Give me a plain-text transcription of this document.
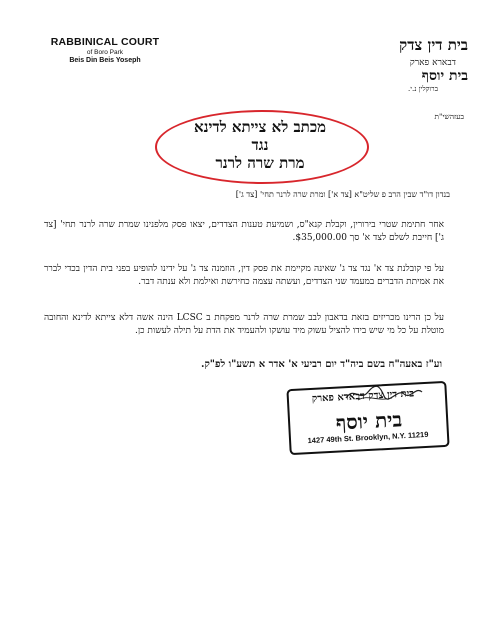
RABBINICAL COURT
of Boro Park
Beis Din Beis Yoseph
בית דין צדק
דבארא פארק
בית יוסף
ברוקלין נ.י.
בעזהשי"ת
מכתב לא צייתא לדינא
נגד
מרת שרה לרנר
בנדון דו"ד שבין הרב פ שליט"א [צד א'] ומרת שרה לרנר תחי' [צד ג']
אחר חתימת שטרי בירורין, וקבלת קנא"ס, ושמיעת טענות הצדדים, יצאו פסק מלפנינו שמרת שרה לרנר תחי' [צד ג'] חייבת לשלם לצד א' סך $35,000.00.
על פי קובלנת צד א' נגד צד ג' שאינה מקיימת את פסק דין, הוזמנה צד ג' על ידינו להופיע בפני בית הדין בכדי לברר את אמיתת הדברים במעמד שני הצדדים, ועשתה עצמה כחירשת ואילמת ולא ענתה דבר.
על כן הרינו מכריזים בזאת בדאבון לבב שמרת שרה לרנר מפקחת ב LCSC הינה אשה דלא צייתא לדינא והחובה מוטלת על כל מי שיש בידו להציל עשוק מיד עושקו ולהעמיד את הדת על תילה לעשות כן.
וע"ז באעה"ח בשם ביה"ד יום רביעי א' אדר א תשע"ו לפ"ק.
בית דין צדק דבארא פארק
בית יוסף
1427 49th St. Brooklyn, N.Y. 11219
